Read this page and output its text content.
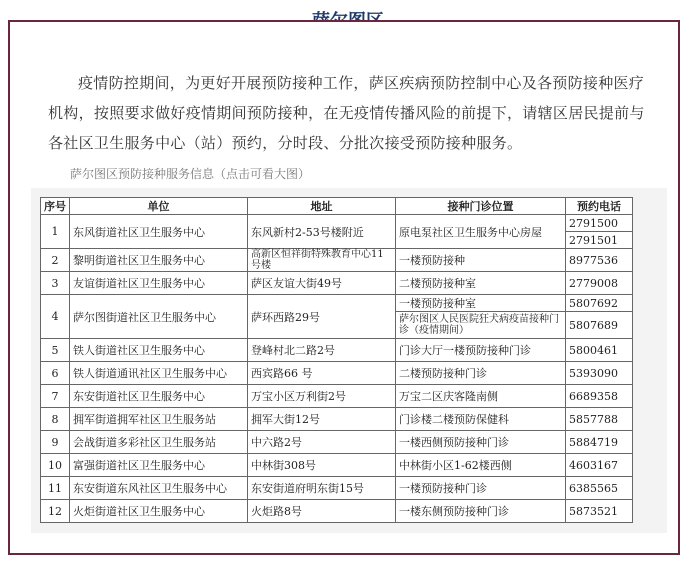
疫情防控期间，为更好开展预防接种工作，萨区疾病预防控制中心及各预防接种医疗机构，按照要求做好疫情期间预防接种，在无疫情传播风险的前提下，请辖区居民提前与各社区卫生服务中心（站）预约，分时段、分批次接受预防接种服务。
萨尔图区预防接种服务信息（点击可看大图）
序号	单位	地址	接种门诊位置	预约电话
1	东风街道社区卫生服务中心	东风新村2-53号楼附近	原电泵社区卫生服务中心房屋	2791500
				2791501
2	黎明街道社区卫生服务中心	高新区恒祥街特殊教育中心11号楼	一楼预防接种	8977536
3	友谊街道社区卫生服务中心	萨区友谊大街49号	二楼预防接种室	2779008
4	萨尔图街道社区卫生服务中心	萨环西路29号	一楼预防接种室	5807692
			萨尔图区人民医院狂犬病疫苗接种门诊（疫情期间）	5807689
5	铁人街道社区卫生服务中心	登峰村北二路2号	门诊大厅一楼预防接种门诊	5800461
6	铁人街道通讯社区卫生服务中心	西宾路66 号	二楼预防接种门诊	5393090
7	东安街道社区卫生服务中心	万宝小区万利街2号	万宝二区庆客隆南侧	6689358
8	拥军街道拥军社区卫生服务站	拥军大街12号	门诊楼二楼预防保健科	5857788
9	会战街道多彩社区卫生服务站	中六路2号	一楼西侧预防接种门诊	5884719
10	富强街道社区卫生服务中心	中林街308号	中林街小区1-62楼西侧	4603167
11	东安街道东风社区卫生服务中心	东安街道府明东街15号	一楼预防接种门诊	6385565
12	火炬街道社区卫生服务中心	火炬路8号	一楼东侧预防接种门诊	5873521
